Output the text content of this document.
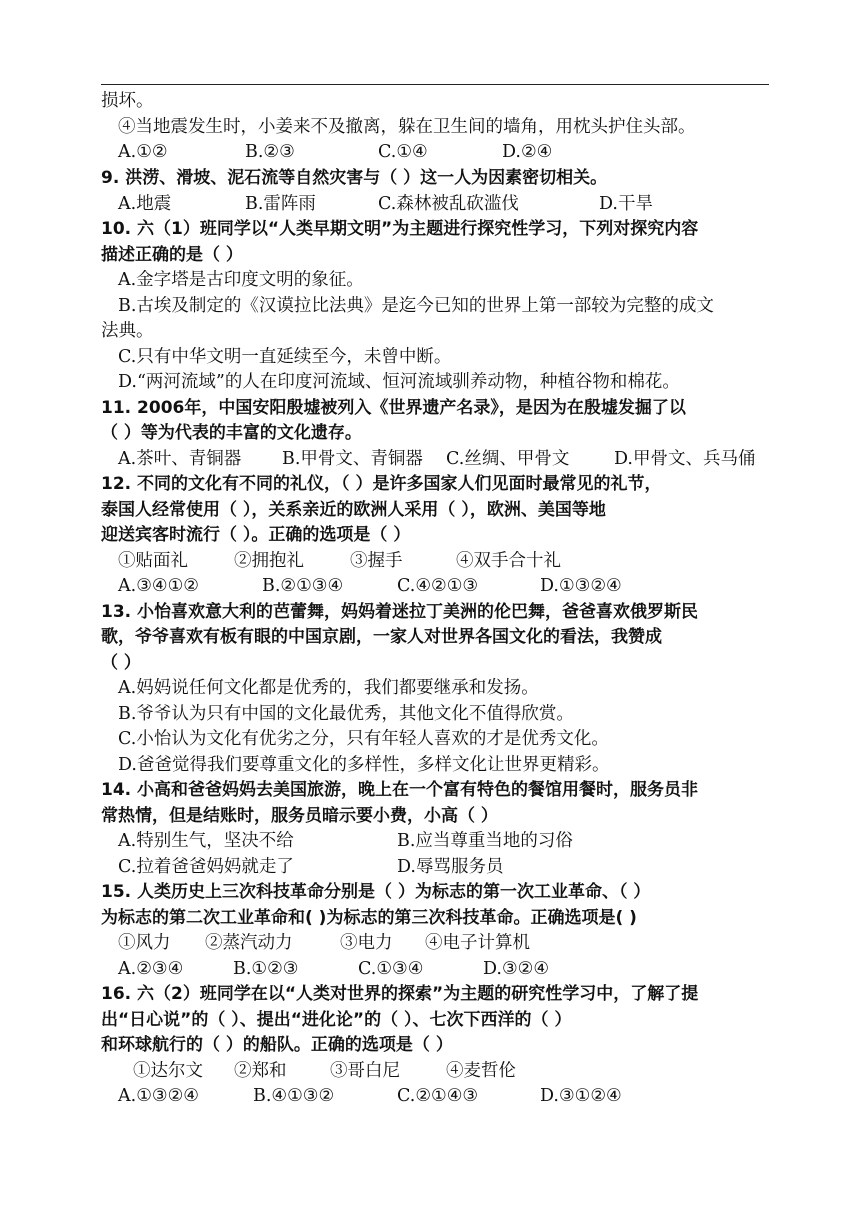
损坏。
④当地震发生时，小姜来不及撤离，躲在卫生间的墙角，用枕头护住头部。
A.①②	B.②③	C.①④	D.②④
9. 洪涝、滑坡、泥石流等自然灾害与（ ）这一人为因素密切相关。
A.地震	B.雷阵雨	C.森林被乱砍滥伐	D.干旱
10. 六（1）班同学以“人类早期文明”为主题进行探究性学习，下列对探究内容
描述正确的是（ ）
A.金字塔是古印度文明的象征。
B.古埃及制定的《汉谟拉比法典》是迄今已知的世界上第一部较为完整的成文
法典。
C.只有中华文明一直延续至今，未曾中断。
D.“两河流域”的人在印度河流域、恒河流域驯养动物，种植谷物和棉花。
11. 2006年，中国安阳殷墟被列入《世界遗产名录》，是因为在殷墟发掘了以
（ ）等为代表的丰富的文化遗存。
A.茶叶、青铜器 B.甲骨文、青铜器 C.丝绸、甲骨文	D.甲骨文、兵马俑
12. 不同的文化有不同的礼仪，（ ）是许多国家人们见面时最常见的礼节，
泰国人经常使用（ ），关系亲近的欧洲人采用（ ），欧洲、美国等地
迎送宾客时流行（ ）。正确的选项是（ ）
①贴面礼	②拥抱礼	③握手	④双手合十礼
A.③④①②	B.②①③④	C.④②①③	D.①③②④
13. 小怡喜欢意大利的芭蕾舞，妈妈着迷拉丁美洲的伦巴舞，爸爸喜欢俄罗斯民
歌，爷爷喜欢有板有眼的中国京剧，一家人对世界各国文化的看法，我赞成
（ ）
A.妈妈说任何文化都是优秀的，我们都要继承和发扬。
B.爷爷认为只有中国的文化最优秀，其他文化不值得欣赏。
C.小怡认为文化有优劣之分，只有年轻人喜欢的才是优秀文化。
D.爸爸觉得我们要尊重文化的多样性，多样文化让世界更精彩。
14. 小高和爸爸妈妈去美国旅游，晚上在一个富有特色的餐馆用餐时，服务员非
常热情，但是结账时，服务员暗示要小费，小高（ ）
A.特别生气，坚决不给	B.应当尊重当地的习俗
C.拉着爸爸妈妈就走了	D.辱骂服务员
15. 人类历史上三次科技革命分别是（ ）为标志的第一次工业革命、（ ）
为标志的第二次工业革命和( )为标志的第三次科技革命。正确选项是( )
①风力 ②蒸汽动力	③电力 ④电子计算机
A.②③④	B.①②③	C.①③④	D.③②④
16. 六（2）班同学在以“人类对世界的探索”为主题的研究性学习中，了解了提
出“日心说”的（ ）、提出“进化论”的（ ）、七次下西洋的（ ）
和环球航行的（ ）的船队。正确的选项是（ ）
①达尔文 ②郑和 ③哥白尼	④麦哲伦
A.①③②④	B.④①③②	C.②①④③	D.③①②④
